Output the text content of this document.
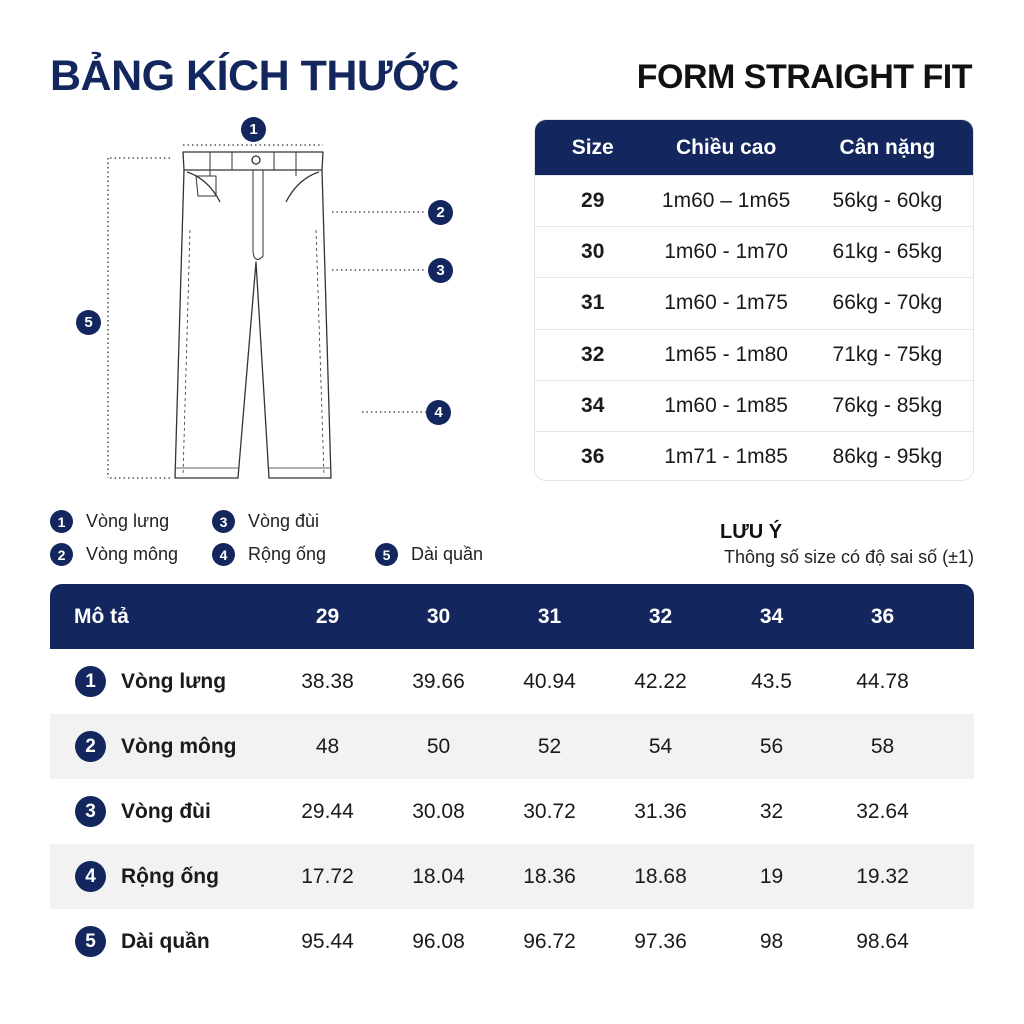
BẢNG KÍCH THƯỚC	FORM STRAIGHT FIT
1
2
3
4
5
Size	Chiều cao	Cân nặng
29	1m60 – 1m65	56kg - 60kg
30	1m60 - 1m70	61kg - 65kg
31	1m60 - 1m75	66kg - 70kg
32	1m65 - 1m80	71kg - 75kg
34	1m60 - 1m85	76kg - 85kg
36	1m71 - 1m85	86kg - 95kg
1	Vòng lưng	3	Vòng đùi
2	Vòng mông	4	Rộng ống	5	Dài quần
LƯU Ý
Thông số size có độ sai số (±1)
Mô tả	29	30	31	32	34	36
1	Vòng lưng	38.38	39.66	40.94	42.22	43.5	44.78
2	Vòng mông	48	50	52	54	56	58
3	Vòng đùi	29.44	30.08	30.72	31.36	32	32.64
4	Rộng ống	17.72	18.04	18.36	18.68	19	19.32
5	Dài quần	95.44	96.08	96.72	97.36	98	98.64
